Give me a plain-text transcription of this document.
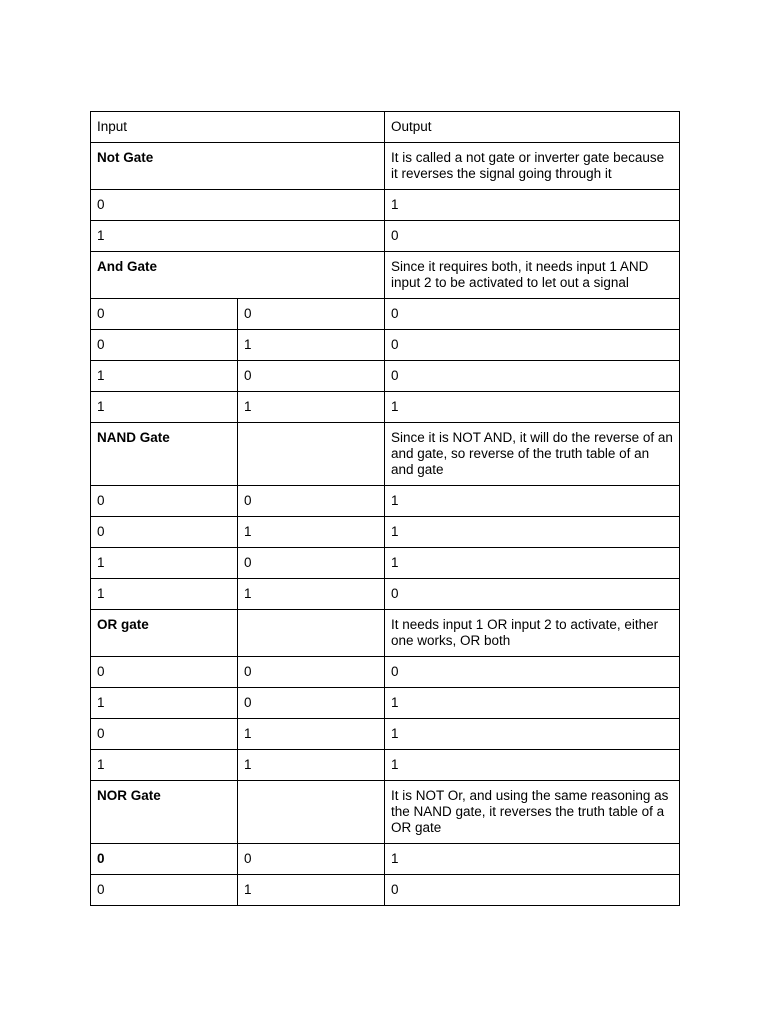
Input		Output
Not Gate		It is called a not gate or inverter gate because it reverses the signal going through it
0		1
1		0
And Gate		Since it requires both, it needs input 1 AND input 2 to be activated to let out a signal
0	0	0
0	1	0
1	0	0
1	1	1
NAND Gate		Since it is NOT AND, it will do the reverse of an and gate, so reverse of the truth table of an and gate
0	0	1
0	1	1
1	0	1
1	1	0
OR gate		It needs input 1 OR input 2 to activate, either one works, OR both
0	0	0
1	0	1
0	1	1
1	1	1
NOR Gate		It is NOT Or, and using the same reasoning as the NAND gate, it reverses the truth table of a OR gate
0	0	1
0	1	0
